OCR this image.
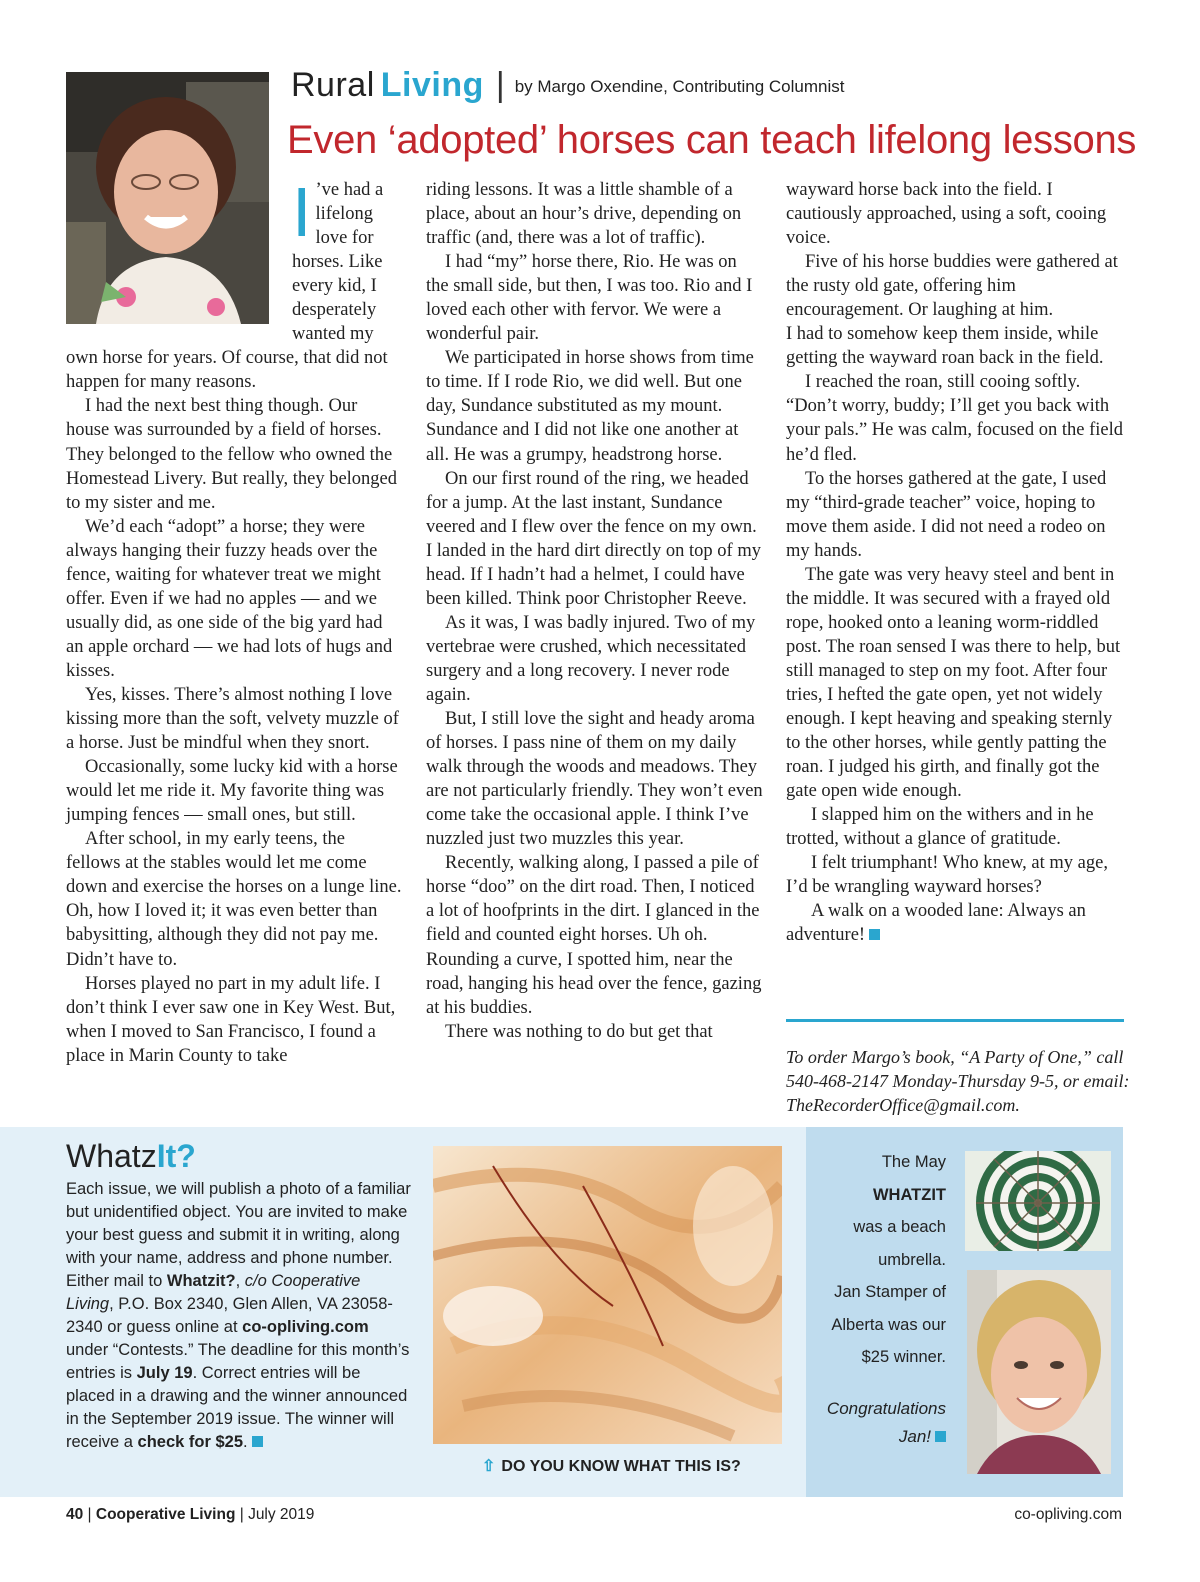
Rural Living | by Margo Oxendine, Contributing Columnist
Even ‘adopted’ horses can teach lifelong lessons
I ’ve had a lifelong love for horses. Like every kid, I desperately wanted my own horse for years. Of course, that did not happen for many reasons.

I had the next best thing though. Our house was surrounded by a field of horses. They belonged to the fellow who owned the Homestead Livery. But really, they belonged to my sister and me.

We’d each “adopt” a horse; they were always hanging their fuzzy heads over the fence, waiting for whatever treat we might offer. Even if we had no apples — and we usually did, as one side of the big yard had an apple orchard — we had lots of hugs and kisses.

Yes, kisses. There’s almost nothing I love kissing more than the soft, velvety muzzle of a horse. Just be mindful when they snort.

Occasionally, some lucky kid with a horse would let me ride it. My favorite thing was jumping fences — small ones, but still.

After school, in my early teens, the fellows at the stables would let me come down and exercise the horses on a lunge line. Oh, how I loved it; it was even better than babysitting, although they did not pay me. Didn’t have to.

Horses played no part in my adult life. I don’t think I ever saw one in Key West. But, when I moved to San Francisco, I found a place in Marin County to take

riding lessons. It was a little shamble of a place, about an hour’s drive, depending on traffic (and, there was a lot of traffic).

I had “my” horse there, Rio. He was on the small side, but then, I was too. Rio and I loved each other with fervor. We were a wonderful pair.

We participated in horse shows from time to time. If I rode Rio, we did well. But one day, Sundance substituted as my mount. Sundance and I did not like one another at all. He was a grumpy, headstrong horse.

On our first round of the ring, we headed for a jump. At the last instant, Sundance veered and I flew over the fence on my own. I landed in the hard dirt directly on top of my head. If I hadn’t had a helmet, I could have been killed. Think poor Christopher Reeve.

As it was, I was badly injured. Two of my vertebrae were crushed, which necessitated surgery and a long recovery. I never rode again.

But, I still love the sight and heady aroma of horses. I pass nine of them on my daily walk through the woods and meadows. They are not particularly friendly. They won’t even come take the occasional apple. I think I’ve nuzzled just two muzzles this year.

Recently, walking along, I passed a pile of horse “doo” on the dirt road. Then, I noticed a lot of hoofprints in the dirt. I glanced in the field and counted eight horses. Uh oh. Rounding a curve, I spotted him, near the road, hanging his head over the fence, gazing at his buddies.

There was nothing to do but get that

wayward horse back into the field. I cautiously approached, using a soft, cooing voice.

Five of his horse buddies were gathered at the rusty old gate, offering him encouragement. Or laughing at him.

I had to somehow keep them inside, while getting the wayward roan back in the field.

I reached the roan, still cooing softly. “Don’t worry, buddy; I’ll get you back with your pals.” He was calm, focused on the field he’d fled.

To the horses gathered at the gate, I used my “third-grade teacher” voice, hoping to move them aside. I did not need a rodeo on my hands.

The gate was very heavy steel and bent in the middle. It was secured with a frayed old rope, hooked onto a leaning worm-riddled post. The roan sensed I was there to help, but still managed to step on my foot. After four tries, I hefted the gate open, yet not widely enough. I kept heaving and speaking sternly to the other horses, while gently patting the roan. I judged his girth, and finally got the gate open wide enough.

I slapped him on the withers and in he trotted, without a glance of gratitude.

I felt triumphant! Who knew, at my age, I’d be wrangling wayward horses?

A walk on a wooded lane: Always an adventure!

To order Margo’s book, “A Party of One,” call 540-468-2147 Monday-Thursday 9-5, or email: TheRecorderOffice@gmail.com.
WhatzIt?
Each issue, we will publish a photo of a familiar but unidentified object. You are invited to make your best guess and submit it in writing, along with your name, address and phone number. Either mail to Whatzit?, c/o Cooperative Living, P.O. Box 2340, Glen Allen, VA 23058-2340 or guess online at co-opliving.com under “Contests.” The deadline for this month’s entries is July 19. Correct entries will be placed in a drawing and the winner announced in the September 2019 issue. The winner will receive a check for $25.
⇧ DO YOU KNOW WHAT THIS IS?
The May
WHATZIT
was a beach
umbrella.
Jan Stamper of
Alberta was our
$25 winner.
Congratulations
Jan!
40 | Cooperative Living | July 2019	co-opliving.com
